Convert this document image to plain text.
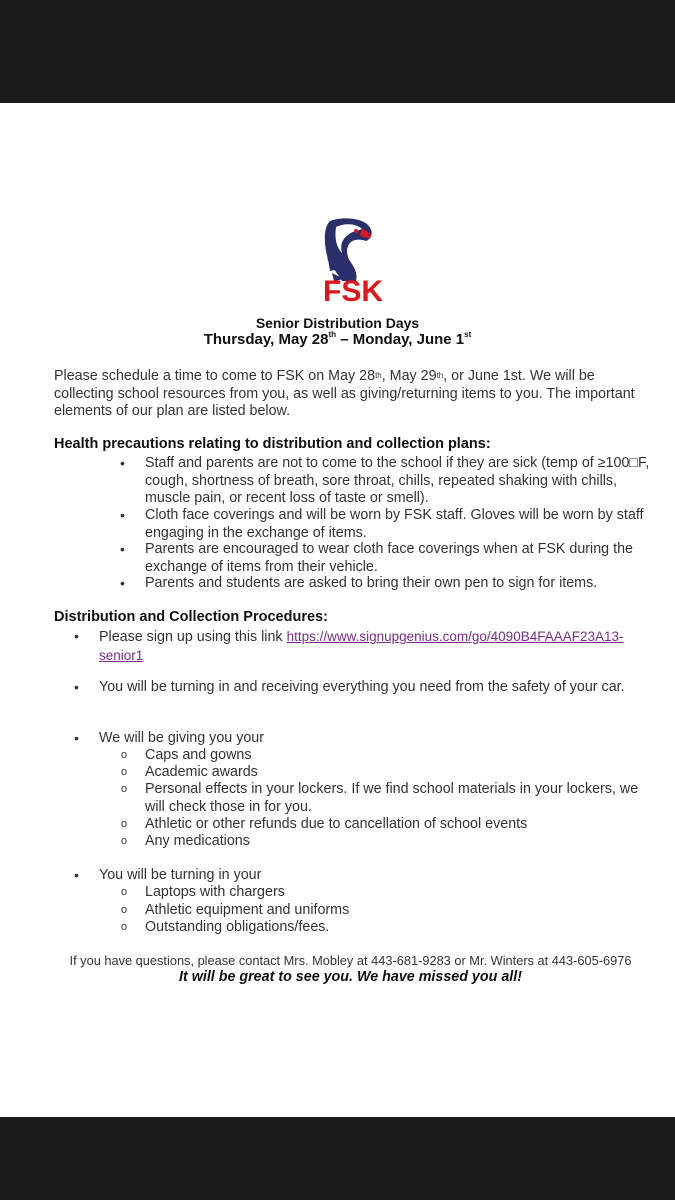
FSK
Senior Distribution Days
Thursday, May 28th – Monday, June 1st
Please schedule a time to come to FSK on May 28th, May 29th, or June 1st. We will be collecting school resources from you, as well as giving/returning items to you. The important elements of our plan are listed below.
Health precautions relating to distribution and collection plans:
• Staff and parents are not to come to the school if they are sick (temp of ≥100□F, cough, shortness of breath, sore throat, chills, repeated shaking with chills, muscle pain, or recent loss of taste or smell).
• Cloth face coverings and will be worn by FSK staff. Gloves will be worn by staff engaging in the exchange of items.
• Parents are encouraged to wear cloth face coverings when at FSK during the exchange of items from their vehicle.
• Parents and students are asked to bring their own pen to sign for items.
Distribution and Collection Procedures:
• Please sign up using this link https://www.signupgenius.com/go/4090B4FAAAF23A13-senior1
• You will be turning in and receiving everything you need from the safety of your car.
• We will be giving you your
o Caps and gowns
o Academic awards
o Personal effects in your lockers. If we find school materials in your lockers, we will check those in for you.
o Athletic or other refunds due to cancellation of school events
o Any medications
• You will be turning in your
o Laptops with chargers
o Athletic equipment and uniforms
o Outstanding obligations/fees.
If you have questions, please contact Mrs. Mobley at 443-681-9283 or Mr. Winters at 443-605-6976
It will be great to see you. We have missed you all!
